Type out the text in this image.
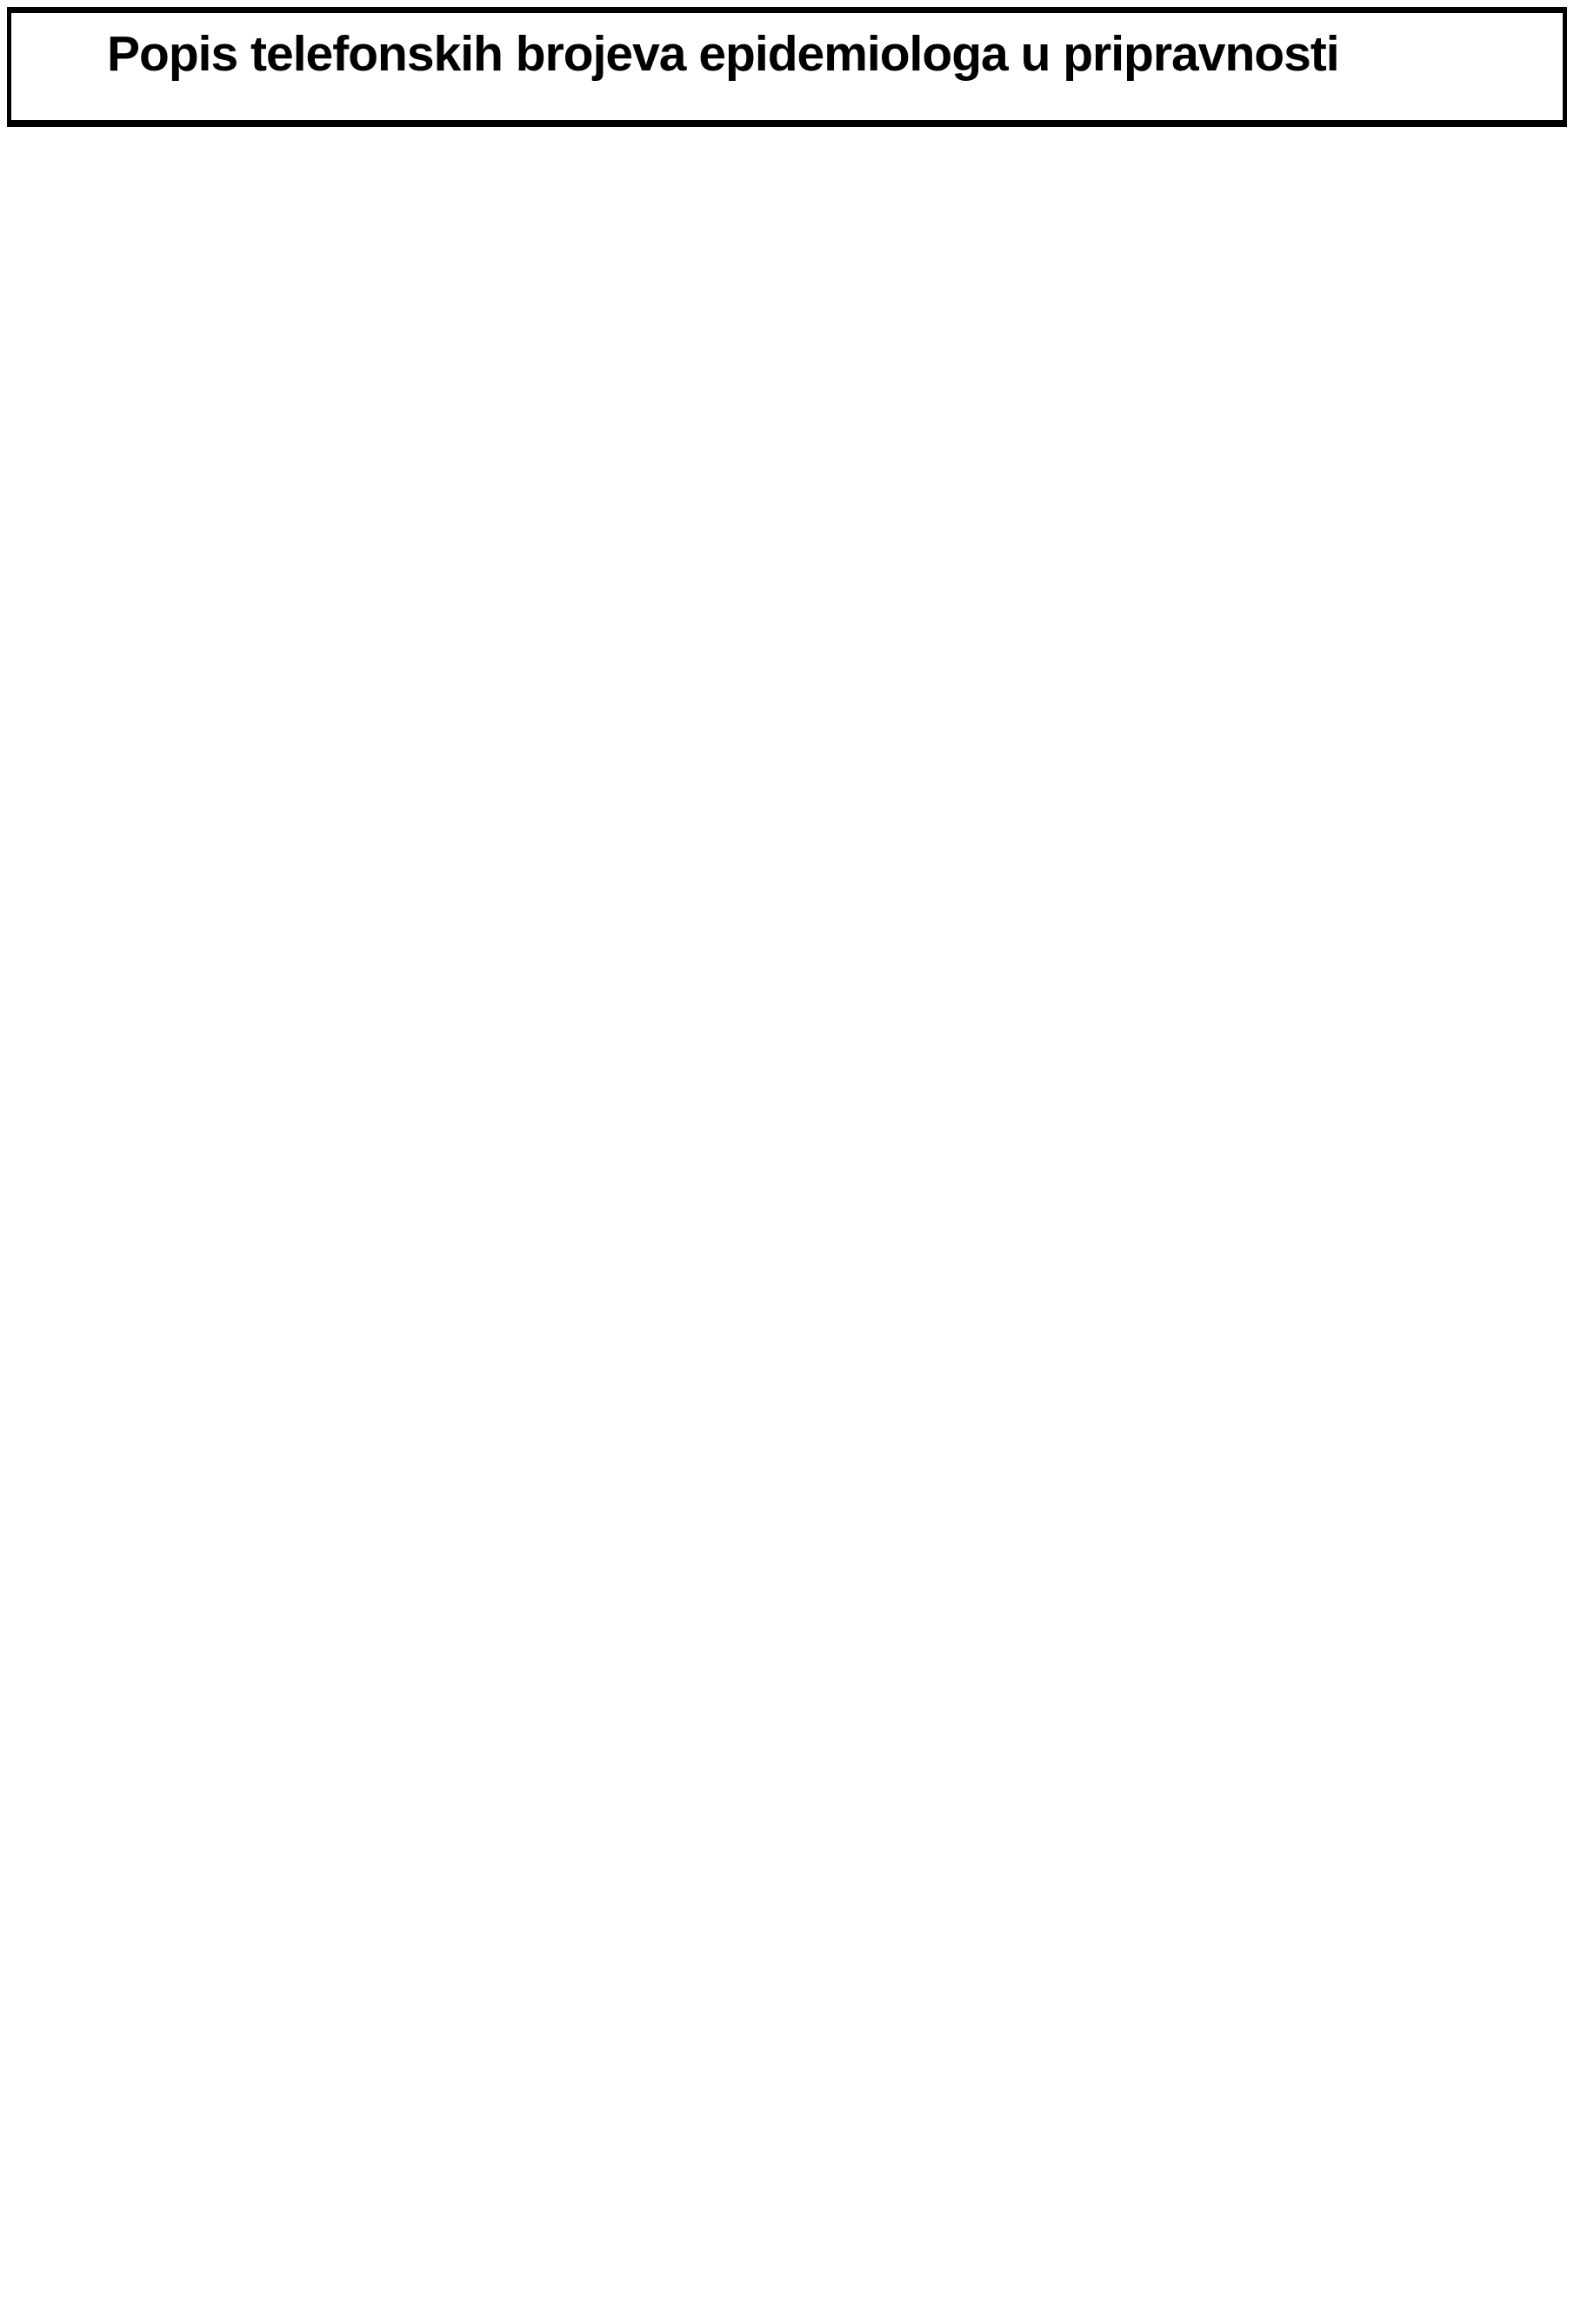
Popis telefonskih brojeva epidemiologa u pripravnosti
